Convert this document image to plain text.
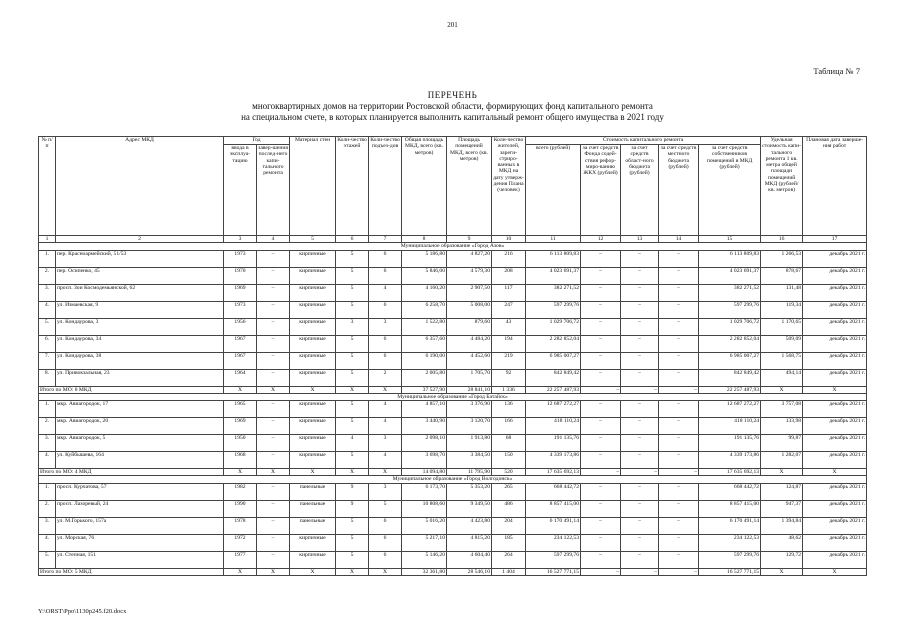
201
Таблица № 7
ПЕРЕЧЕНЬ
многоквартирных домов на территории Ростовской области, формирующих фонд капитального ремонта
на специальном счете, в которых планируется выполнить капитальный ремонт общего имущества в 2021 году
№ п/п	Адрес МКД	Год		Материал стен	Коли-чество этажей	Коли-чество подъез-дов	Общая площадь МКД, всего (кв. метров)	Площадь помещений МКД, всего (кв. метров)	Коли-чество жителей, зареги-стриро-ванных в МКД на дату утверж-дения Плана (человек)	Стоимость капитального ремонта					Удельная стоимость капи-тального ремонта 1 кв. метра общей площади помещений МКД (рублей/ кв. метров)	Плановая дата заверше-ния работ
		ввода в эксплуа-тацию	завер-шения послед-него капи-тального ремонта							всего (рублей)	за счет средств Фонда содей-ствия рефор-миро-ванию ЖКХ (рублей)	за счет средств област-ного бюджета (рублей)	за счет средств местного бюджета (рублей)	за счет средств собственников помещений в МКД (рублей)		
1	2	3	4	5	6	7	8	9	10	11	12	13	14	15	16	17
Муниципальное образование «Город Азов»																
1.	пер. Красноармейский, 51/53	1973	–	кирпичные	5	6	5 186,80	4 827,20	216	6 113 809,83	–	–	–	6 113 809,83	1 266,53	декабрь 2021 г.
2.	пер. Осипенко, 45	1970	–	кирпичные	5	6	5 846,00	4 579,30	208	4 023 691,37	–	–	–	4 023 691,37	878,67	декабрь 2021 г.
3.	просп. Зои Космодемьянской, 62	1969	–	кирпичные	5	4	4 160,20	2 907,50	117	382 271,52	–	–	–	382 271,52	131,48	декабрь 2021 г.
4.	ул. Измаевская, 9	1973	–	кирпичные	5	6	6 258,70	5 008,00	247	597 299,76	–	–	–	597 299,76	119,34	декабрь 2021 г.
5.	ул. Кондаурова, 3	1956	–	кирпичные	3	3	1 522,80	879,60	43	1 029 706,72	–	–	–	1 029 706,72	1 170,65	декабрь 2021 г.
6.	ул. Кондаурова, 34	1967	–	кирпичные	5	6	6 357,60	4 484,20	194	2 282 852,04	–	–	–	2 282 852,04	509,09	декабрь 2021 г.
7.	ул. Кондаурова, 38	1967	–	кирпичные	5	6	6 190,00	4 452,60	219	6 985 007,27	–	–	–	6 985 007,27	1 568,75	декабрь 2021 г.
8.	ул. Привокзальная, 23	1964	–	кирпичные	5	2	2 005,80	1 705,70	92	842 849,42	–	–	–	842 849,42	494,14	декабрь 2021 г.
Итого по МО: 8 МКД		X	X	X	X	X	37 527,90	28 841,10	1 336	22 257 487,93	–	–	–	22 257 487,93	X	X
Муниципальное образование «Город Батайск»																
1.	мкр. Авиагородок, 17	1965	–	кирпичные	5	4	4 857,10	3 376,90	136	12 687 272,27	–	–	–	12 687 272,27	3 757,08	декабрь 2021 г.
2.	мкр. Авиагородок, 20	1969	–	кирпичные	5	4	3 440,90	3 120,70	166	418 110,24	–	–	–	418 110,24	133,98	декабрь 2021 г.
3.	мкр. Авиагородок, 5	1950	–	кирпичные	4	3	2 098,10	1 913,80	68	191 135,76	–	–	–	191 135,76	99,87	декабрь 2021 г.
4.	ул. Куйбышева, 164	1968	–	кирпичные	5	4	3 698,70	3 384,50	150	4 339 173,86	–	–	–	4 339 173,86	1 282,07	декабрь 2021 г.
Итого по МО: 4 МКД		X	X	X	X	X	14 094,80	11 795,90	520	17 635 692,13	–	–	–	17 635 692,13	X	X
Муниципальное образование «Город Волгодонск»																
1.	просп. Курчатова, 57	1982	–	панельные	9	3	6 173,70	5 353,20	265	668 442,72	–	–	–	668 442,72	124,87	декабрь 2021 г.
2.	просп. Лазоревый, 24	1990	–	панельные	9	5	10 808,60	9 349,50	486	8 857 415,00	–	–	–	8 857 415,00	947,37	декабрь 2021 г.
3.	ул. М.Горького, 157а	1978	–	панельные	5	6	5 016,20	4 423,80	204	6 170 491,14	–	–	–	6 170 491,14	1 394,84	декабрь 2021 г.
4.	ул. Морская, 76	1972	–	кирпичные	5	6	5 217,10	4 815,20	185	234 122,53	–	–	–	234 122,53	48,62	декабрь 2021 г.
5.	ул. Степная, 151	1977	–	кирпичные	5	6	5 146,20	4 604,40	264	597 299,76	–	–	–	597 299,76	129,72	декабрь 2021 г.
Итого по МО: 5 МКД		X	X	X	X	X	32 361,80	28 546,10	1 404	16 527 771,15	–	–	–	16 527 771,15	X	X
Y:\ORST\Ppo\1130p245.f20.docx
